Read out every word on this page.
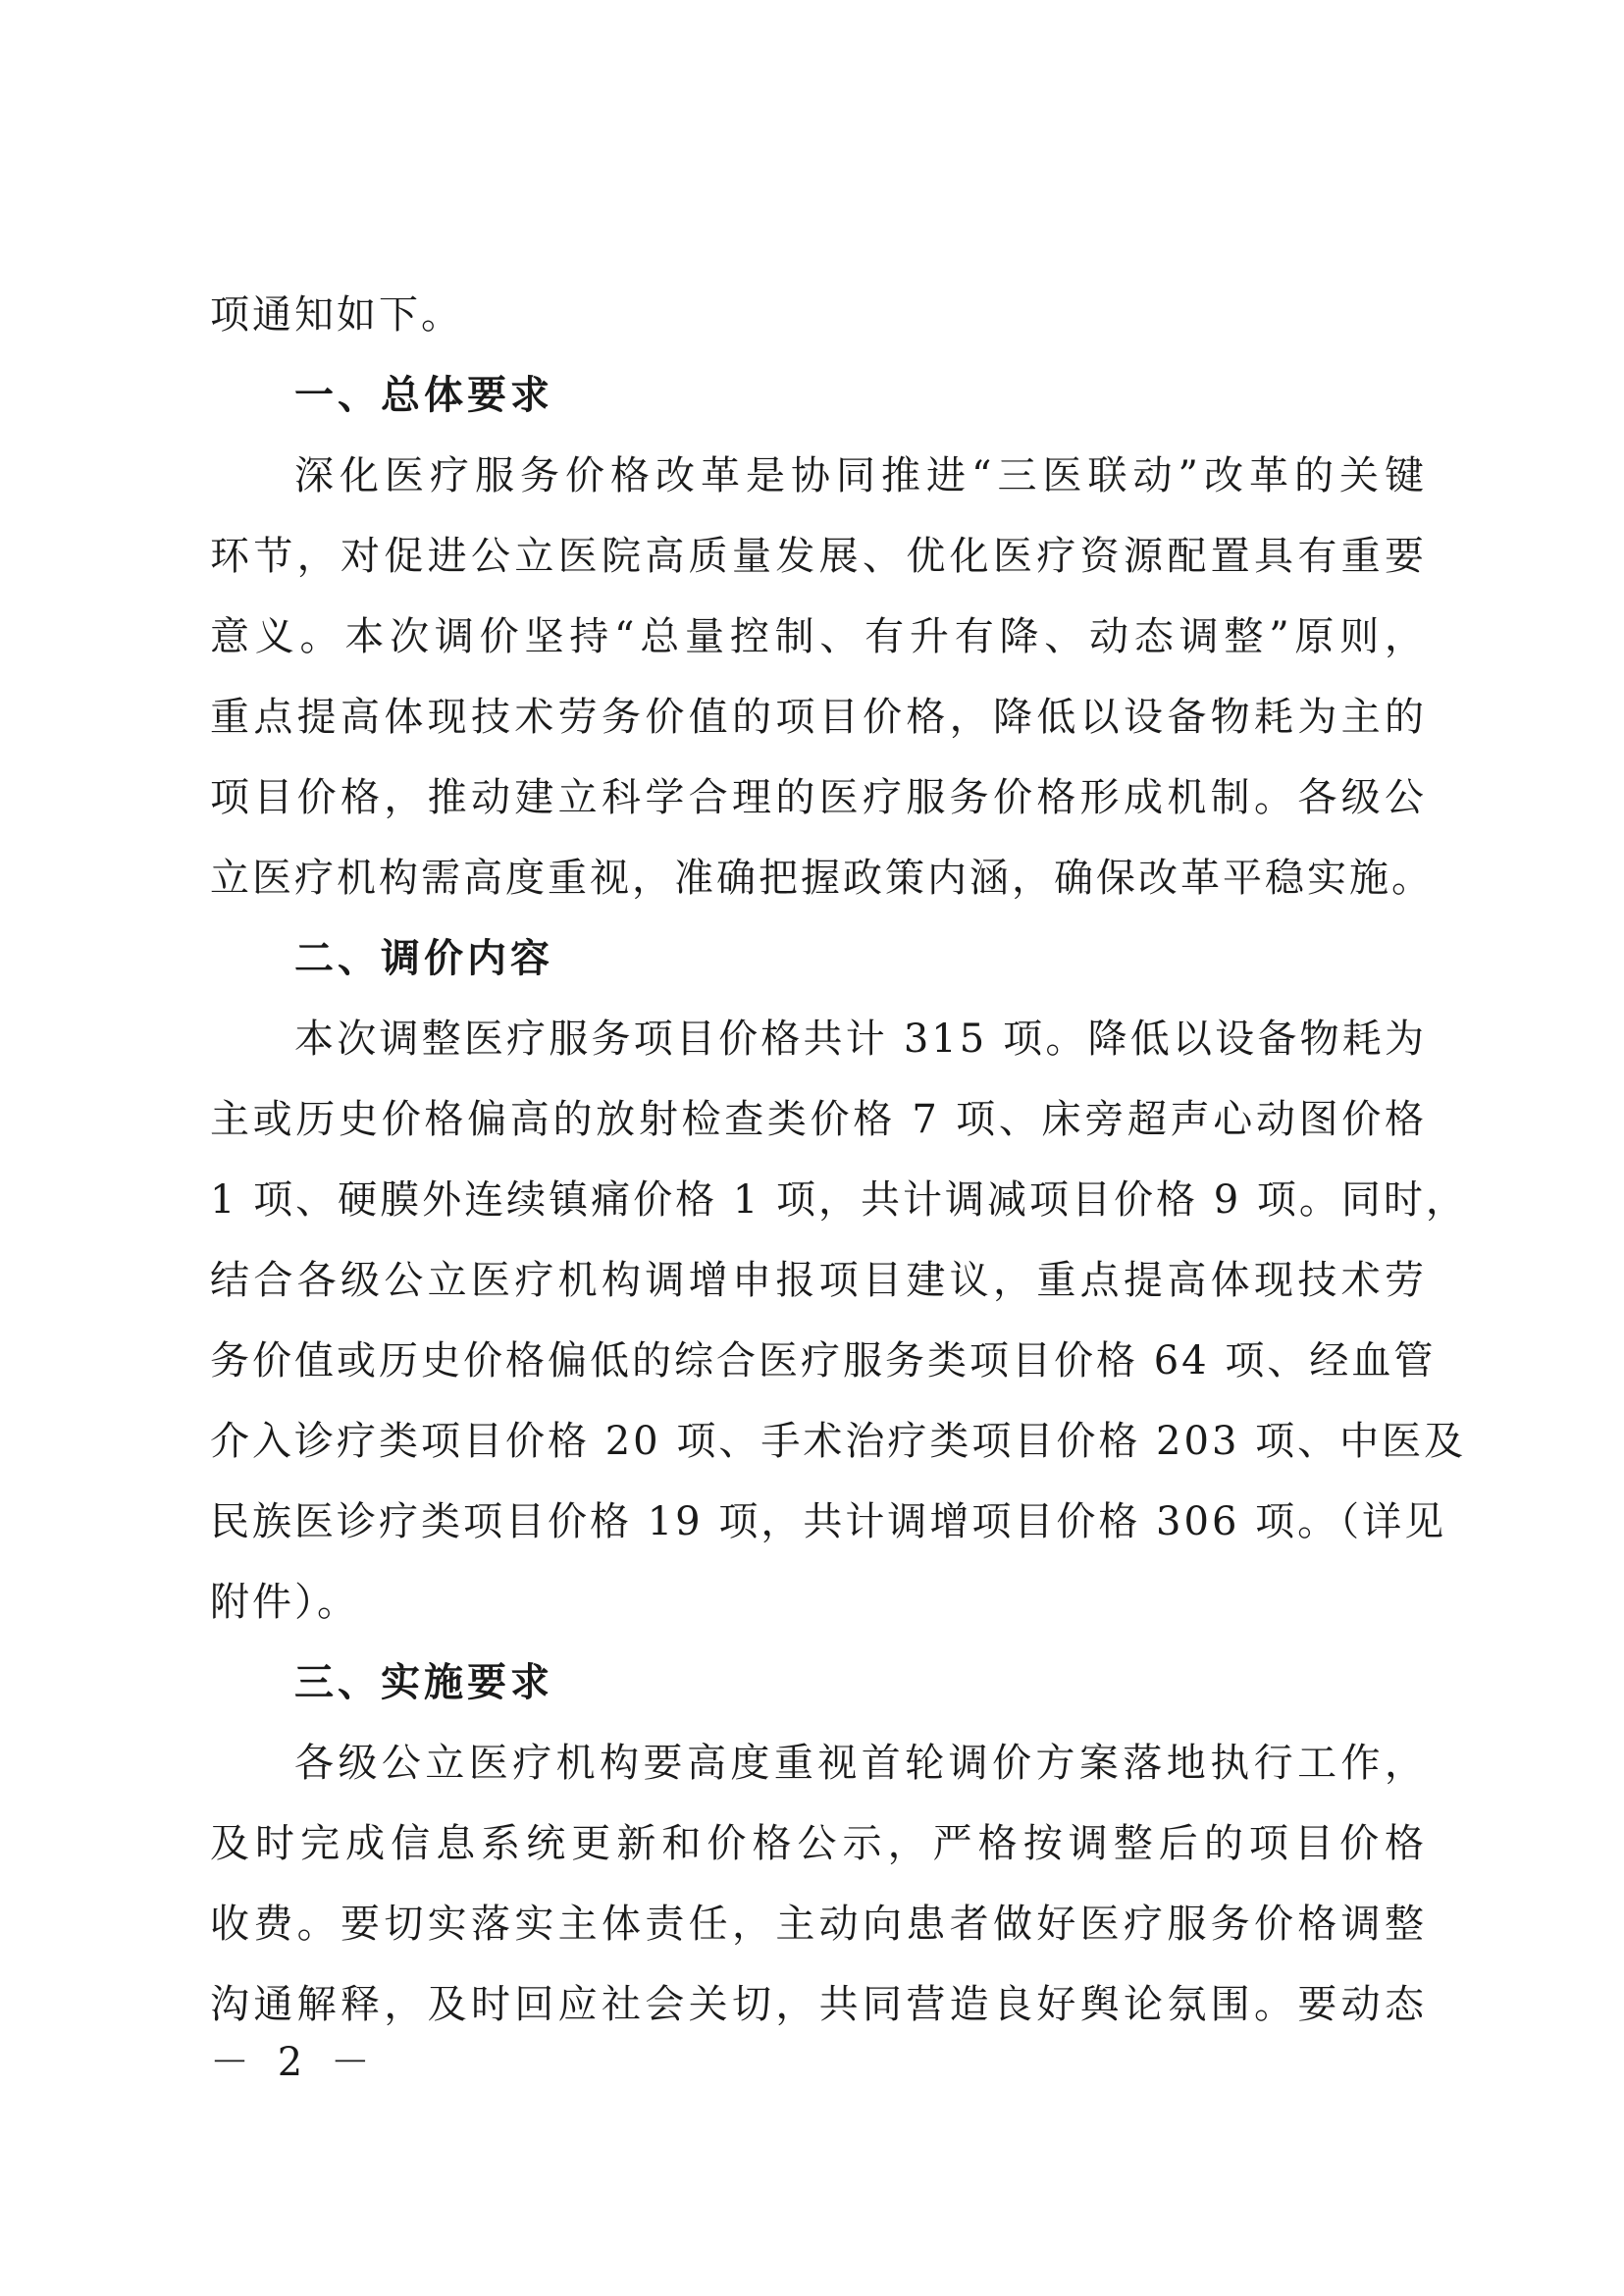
项通知如下。
一、总体要求
深化医疗服务价格改革是协同推进“三医联动”改革的关键
环节，对促进公立医院高质量发展、优化医疗资源配置具有重要
意义。本次调价坚持“总量控制、有升有降、动态调整”原则，
重点提高体现技术劳务价值的项目价格，降低以设备物耗为主的
项目价格，推动建立科学合理的医疗服务价格形成机制。各级公
立医疗机构需高度重视，准确把握政策内涵，确保改革平稳实施。
二、调价内容
本次调整医疗服务项目价格共计 315 项。降低以设备物耗为
主或历史价格偏高的放射检查类价格 7 项、床旁超声心动图价格
1 项、硬膜外连续镇痛价格 1 项，共计调减项目价格 9 项。同时，
结合各级公立医疗机构调增申报项目建议，重点提高体现技术劳
务价值或历史价格偏低的综合医疗服务类项目价格 64 项、经血管
介入诊疗类项目价格 20 项、手术治疗类项目价格 203 项、中医及
民族医诊疗类项目价格 19 项，共计调增项目价格 306 项。（详见
附件）。
三、实施要求
各级公立医疗机构要高度重视首轮调价方案落地执行工作，
及时完成信息系统更新和价格公示，严格按调整后的项目价格
收费。要切实落实主体责任，主动向患者做好医疗服务价格调整
沟通解释，及时回应社会关切，共同营造良好舆论氛围。要动态
－ 2 －
